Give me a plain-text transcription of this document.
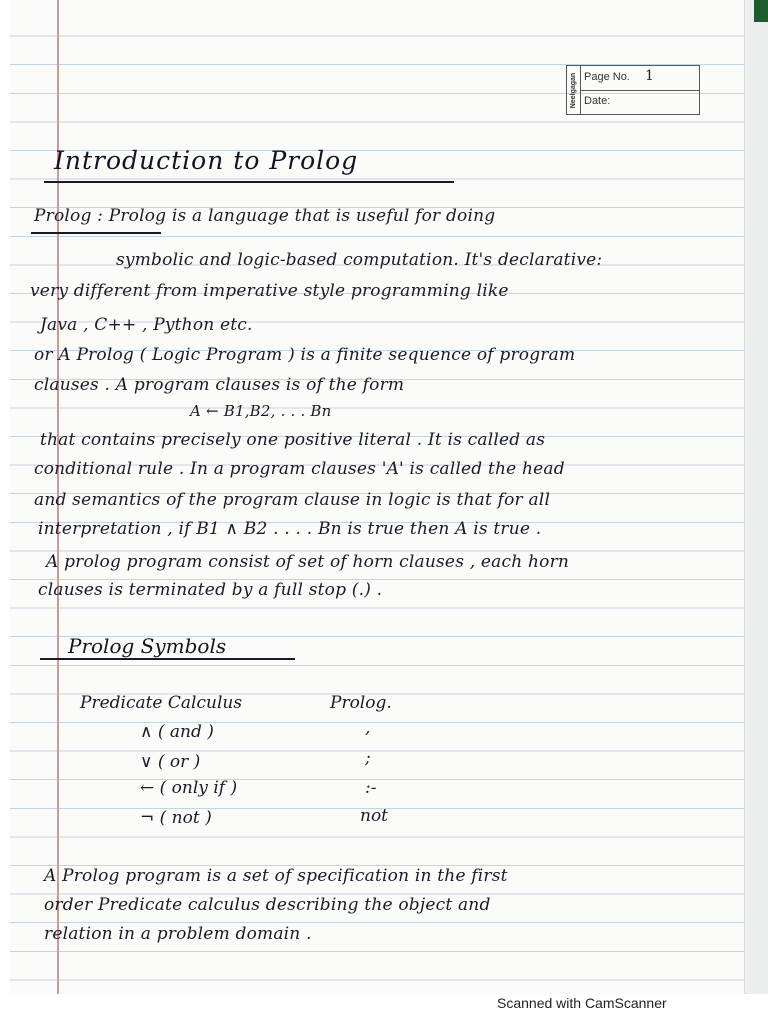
Neelgagan Page No. 1
Date:
Introduction to Prolog
Prolog : Prolog is a language that is useful for doing
symbolic and logic-based computation. It's declarative:
very different from imperative style programming like
Java , C++ , Python etc.
or A Prolog ( Logic Program ) is a finite sequence of program
clauses . A program clauses is of the form
A ← B1,B2, . . . Bn
that contains precisely one positive literal . It is called as
conditional rule . In a program clauses 'A' is called the head
and semantics of the program clause in logic is that for all
interpretation , if B1 ∧ B2 . . . . Bn is true then A is true .
A prolog program consist of set of horn clauses , each horn
clauses is terminated by a full stop (.) .
Prolog Symbols
Predicate Calculus	Prolog.
∧ ( and )	,
∨ ( or )	;
← ( only if )	:-
¬ ( not )	not
A Prolog program is a set of specification in the first
order Predicate calculus describing the object and
relation in a problem domain .
Scanned with CamScanner
